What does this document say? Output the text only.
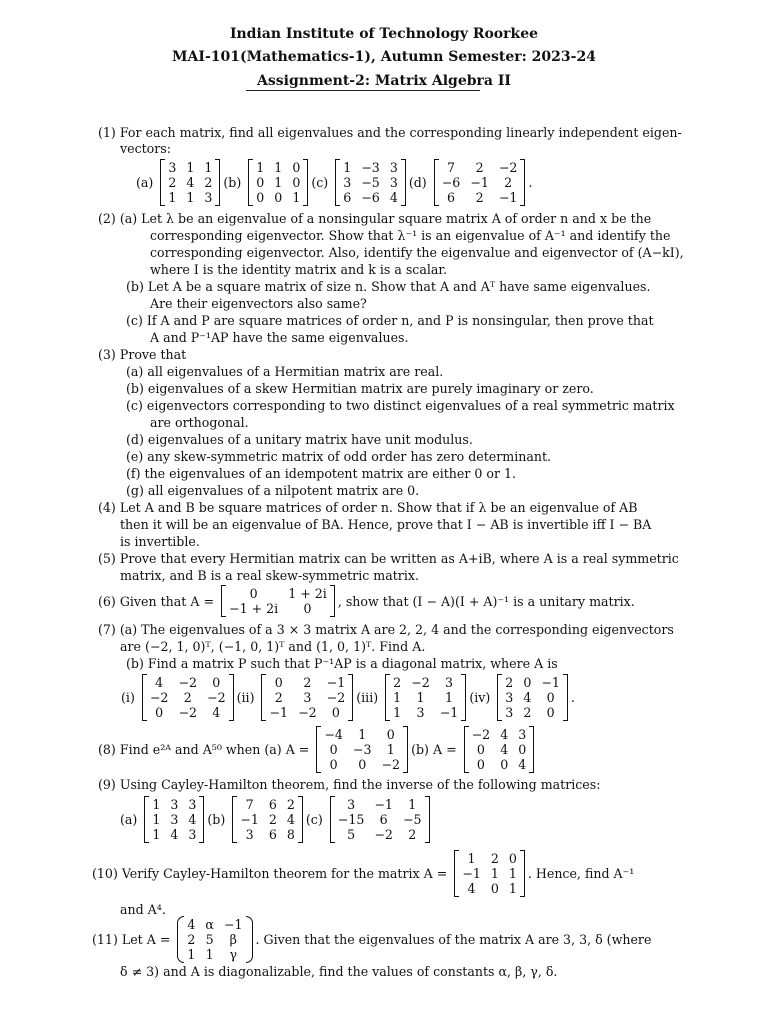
Indian Institute of Technology Roorkee
MAI-101(Mathematics-1), Autumn Semester: 2023-24
Assignment-2: Matrix Algebra II
(1) For each matrix, find all eigenvalues and the corresponding linearly independent eigen-
vectors:
(a)
3 1 1
2 4 2
1 1 3
(b)
1 1 0
0 1 0
0 0 1
(c)
1 −3 3
3 −5 3
6 −6 4
(d)
7	2	−2
−6 −1	2
6	2	−1
.
(2) (a) Let λ be an eigenvalue of a nonsingular square matrix A of order n and x be the
corresponding eigenvector. Show that λ⁻¹ is an eigenvalue of A⁻¹ and identify the
corresponding eigenvector. Also, identify the eigenvalue and eigenvector of (A−kI),
where I is the identity matrix and k is a scalar.
(b) Let A be a square matrix of size n. Show that A and Aᵀ have same eigenvalues.
Are their eigenvectors also same?
(c) If A and P are square matrices of order n, and P is nonsingular, then prove that
A and P⁻¹AP have the same eigenvalues.
(3) Prove that
(a) all eigenvalues of a Hermitian matrix are real.
(b) eigenvalues of a skew Hermitian matrix are purely imaginary or zero.
(c) eigenvectors corresponding to two distinct eigenvalues of a real symmetric matrix
are orthogonal.
(d) eigenvalues of a unitary matrix have unit modulus.
(e) any skew-symmetric matrix of odd order has zero determinant.
(f) the eigenvalues of an idempotent matrix are either 0 or 1.
(g) all eigenvalues of a nilpotent matrix are 0.
(4) Let A and B be square matrices of order n. Show that if λ be an eigenvalue of AB
then it will be an eigenvalue of BA. Hence, prove that I − AB is invertible iff I − BA
is invertible.
(5) Prove that every Hermitian matrix can be written as A+iB, where A is a real symmetric
matrix, and B is a real skew-symmetric matrix.
(6) Given that A =	0	1 + 2i
−1 + 2i	0	, show that (I − A)(I + A)⁻¹ is a unitary matrix.
(7) (a) The eigenvalues of a 3 × 3 matrix A are 2, 2, 4 and the corresponding eigenvectors
are (−2, 1, 0)ᵀ, (−1, 0, 1)ᵀ and (1, 0, 1)ᵀ. Find A.
(b) Find a matrix P such that P⁻¹AP is a diagonal matrix, where A is
(i)
4	−2	0
−2	2	−2
0	−2	4
(ii)
0	2	−1
2	3	−2
−1 −2	0
(iii)
2 −2	3
1	1	1
1	3	−1
(iv)
2 0 −1
3 4	0
3 2	0
.
(8) Find e²ᴬ and A⁵⁰ when (a) A =
−4	1	0
0	−3	1
0	0	−2
(b) A =
−2 4 3
0	4 0
0	0 4
(9) Using Cayley-Hamilton theorem, find the inverse of the following matrices:
(a)
1 3 3
1 3 4
1 4 3
(b)
7	6 2
−1 2 4
3	6 8
(c)
3	−1	1
−15	6	−5
5	−2	2
(10) Verify Cayley-Hamilton theorem for the matrix A =
1	2 0
−1 1 1
4	0 1
. Hence, find A⁻¹
and A⁴.
(11) Let A =
4 α −1
2 5	β
1 1	γ
. Given that the eigenvalues of the matrix A are 3, 3, δ (where
δ ≠ 3) and A is diagonalizable, find the values of constants α, β, γ, δ.
